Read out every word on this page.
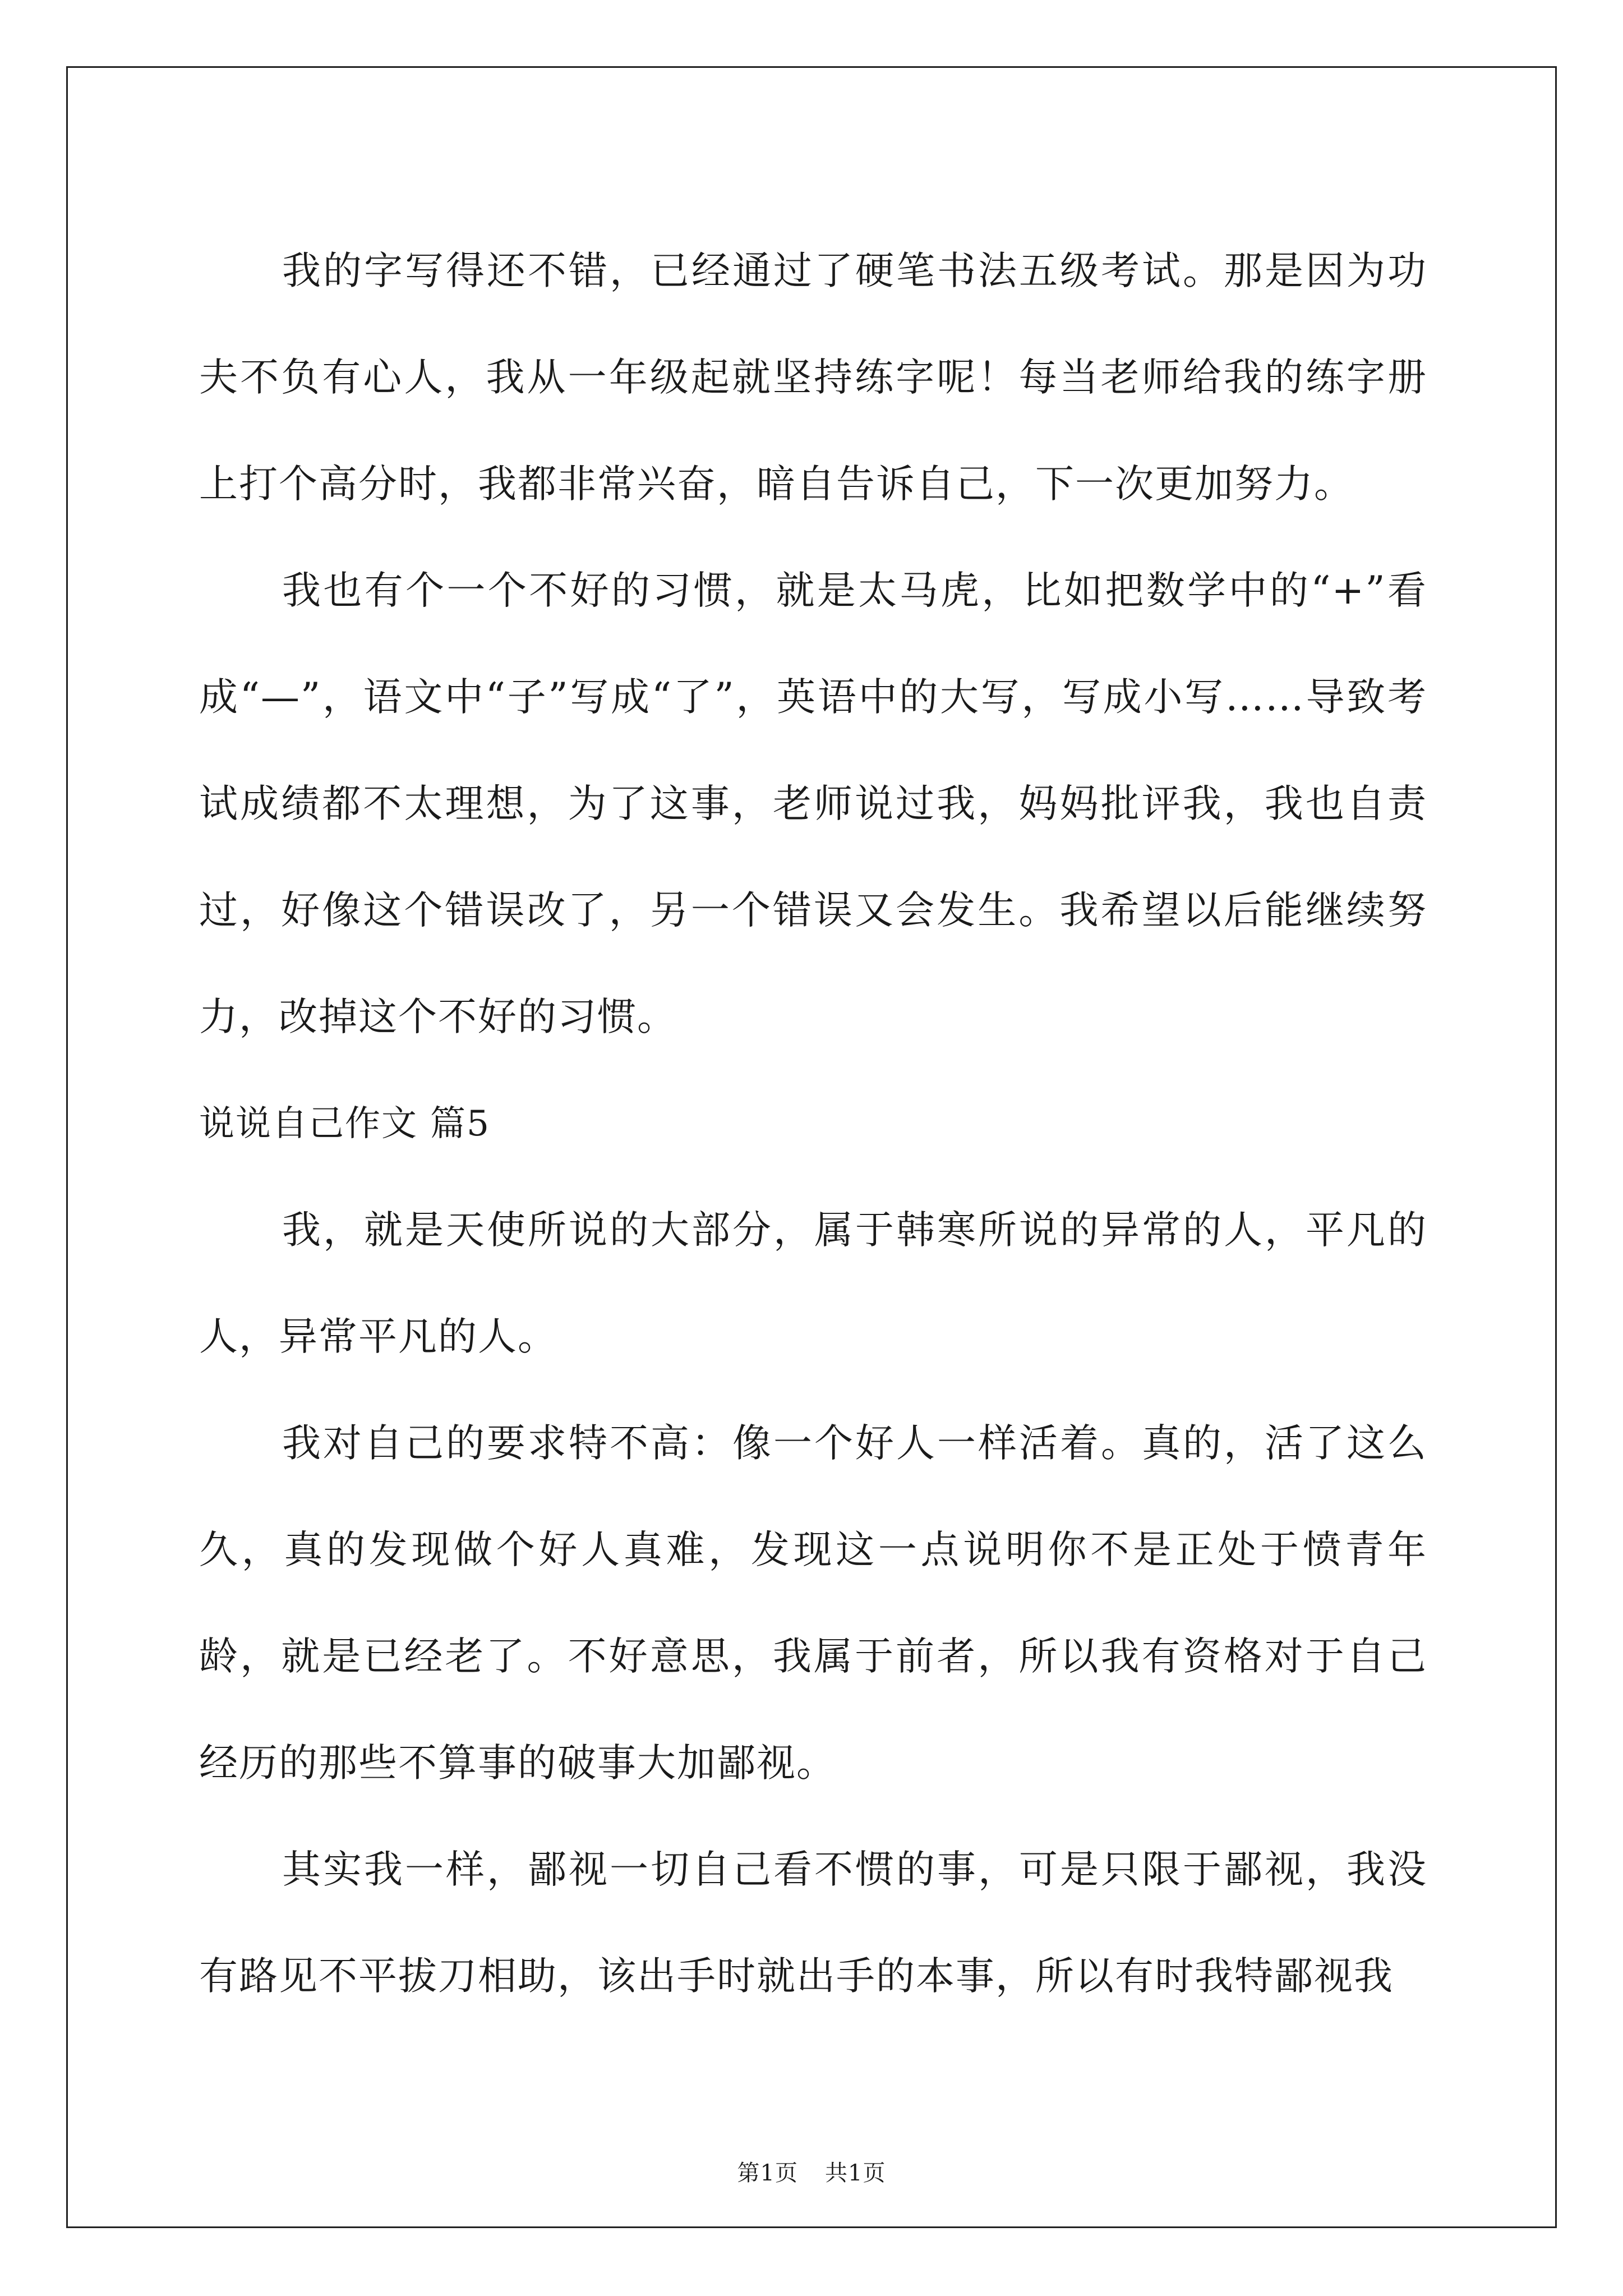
我的字写得还不错，已经通过了硬笔书法五级考试。那是因为功夫不负有心人，我从一年级起就坚持练字呢！每当老师给我的练字册上打个高分时，我都非常兴奋，暗自告诉自己，下一次更加努力。

我也有个一个不好的习惯，就是太马虎，比如把数学中的“+”看成“—”，语文中“子”写成“了”，英语中的大写，写成小写……导致考试成绩都不太理想，为了这事，老师说过我，妈妈批评我，我也自责过，好像这个错误改了，另一个错误又会发生。我希望以后能继续努力，改掉这个不好的习惯。

说说自己作文 篇5

我，就是天使所说的大部分，属于韩寒所说的异常的人，平凡的人，异常平凡的人。

我对自己的要求特不高：像一个好人一样活着。真的，活了这么久，真的发现做个好人真难，发现这一点说明你不是正处于愤青年龄，就是已经老了。不好意思，我属于前者，所以我有资格对于自己经历的那些不算事的破事大加鄙视。

其实我一样，鄙视一切自己看不惯的事，可是只限于鄙视，我没有路见不平拔刀相助，该出手时就出手的本事，所以有时我特鄙视我

第1页 共1页
